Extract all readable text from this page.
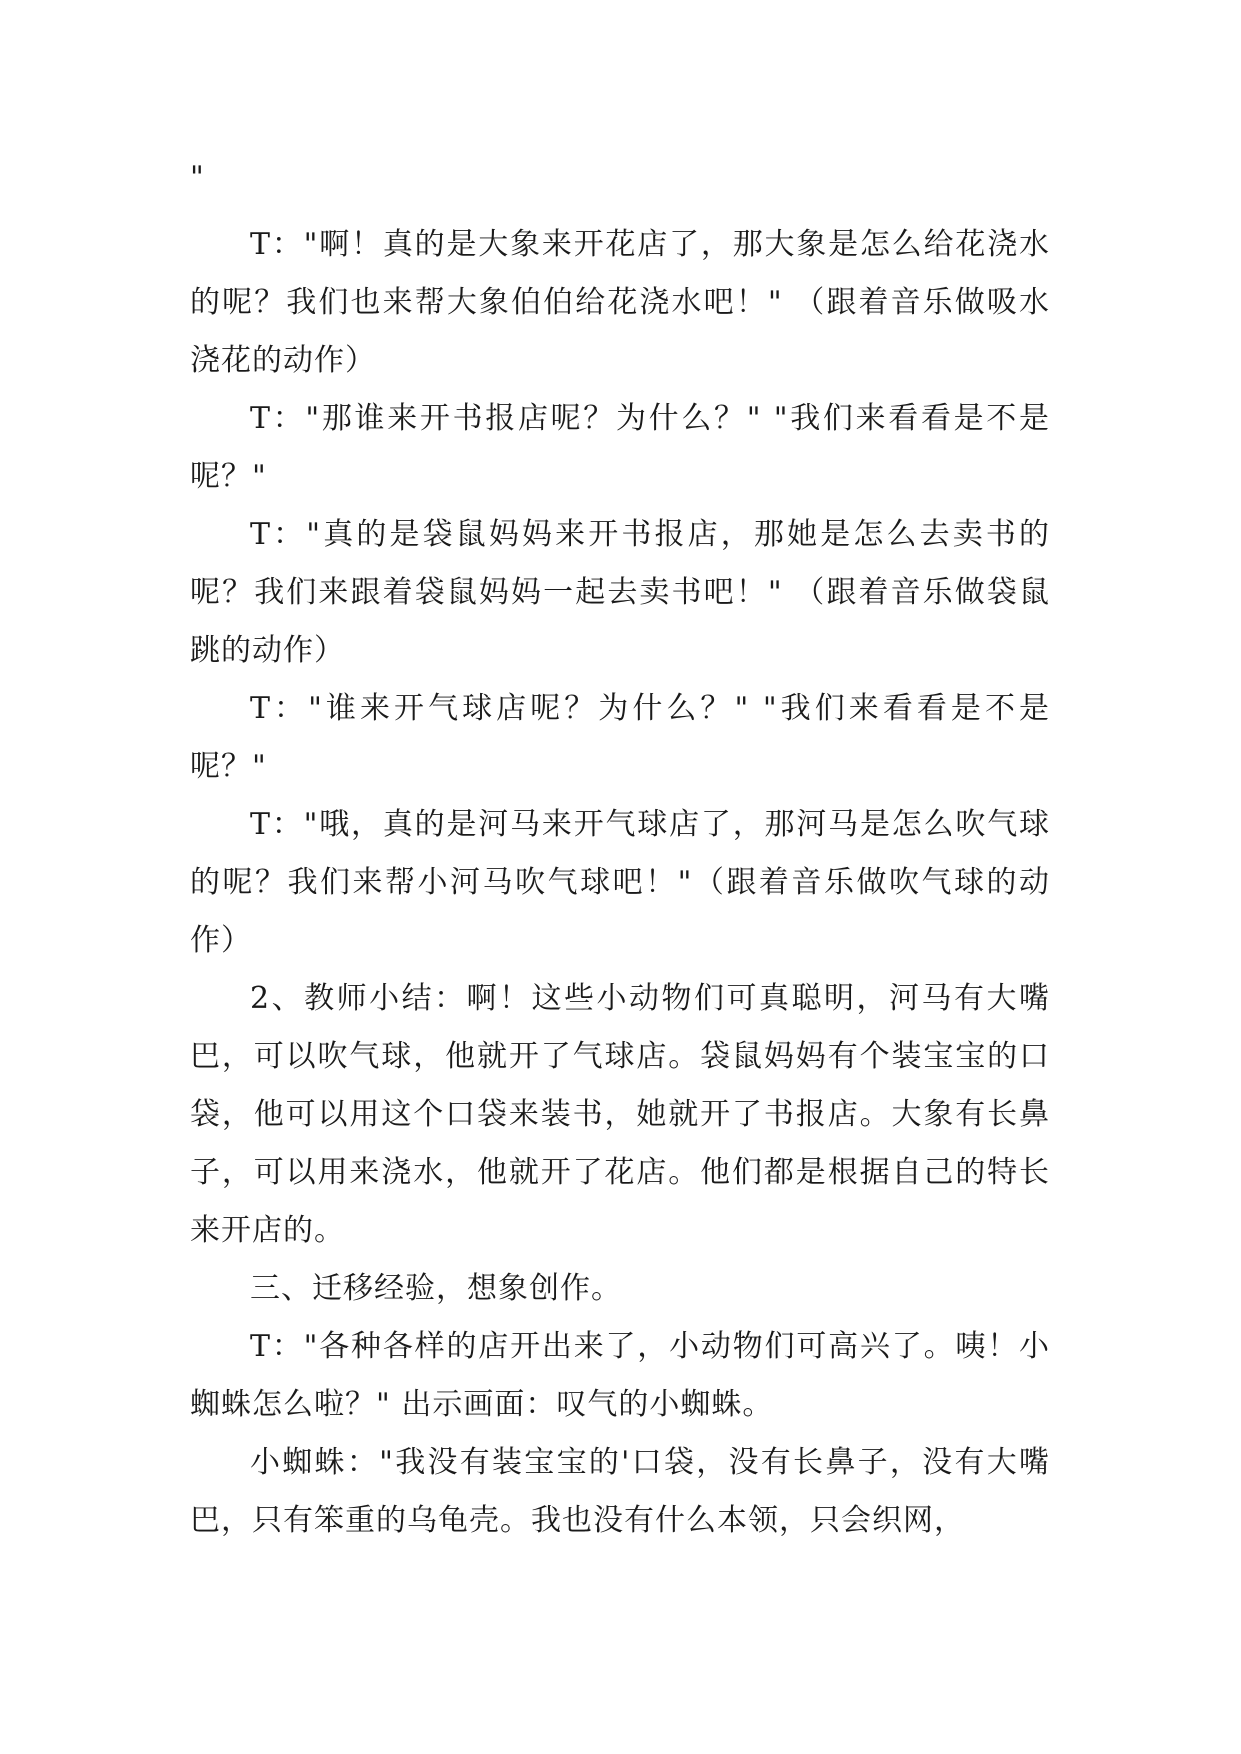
"

T："啊！真的是大象来开花店了，那大象是怎么给花浇水的呢？我们也来帮大象伯伯给花浇水吧！" （跟着音乐做吸水浇花的动作）

T："那谁来开书报店呢？为什么？" "我们来看看是不是呢？"

T："真的是袋鼠妈妈来开书报店，那她是怎么去卖书的呢？我们来跟着袋鼠妈妈一起去卖书吧！" （跟着音乐做袋鼠跳的动作）

T："谁来开气球店呢？为什么？" "我们来看看是不是呢？"

T："哦，真的是河马来开气球店了，那河马是怎么吹气球的呢？我们来帮小河马吹气球吧！"（跟着音乐做吹气球的动作）

2、教师小结：啊！这些小动物们可真聪明，河马有大嘴巴，可以吹气球，他就开了气球店。袋鼠妈妈有个装宝宝的口袋，他可以用这个口袋来装书，她就开了书报店。大象有长鼻子，可以用来浇水，他就开了花店。他们都是根据自己的特长来开店的。

三、迁移经验，想象创作。

T："各种各样的店开出来了，小动物们可高兴了。咦！小蜘蛛怎么啦？" 出示画面：叹气的小蜘蛛。

小蜘蛛："我没有装宝宝的'口袋，没有长鼻子，没有大嘴巴，只有笨重的乌龟壳。我也没有什么本领，只会织网，
